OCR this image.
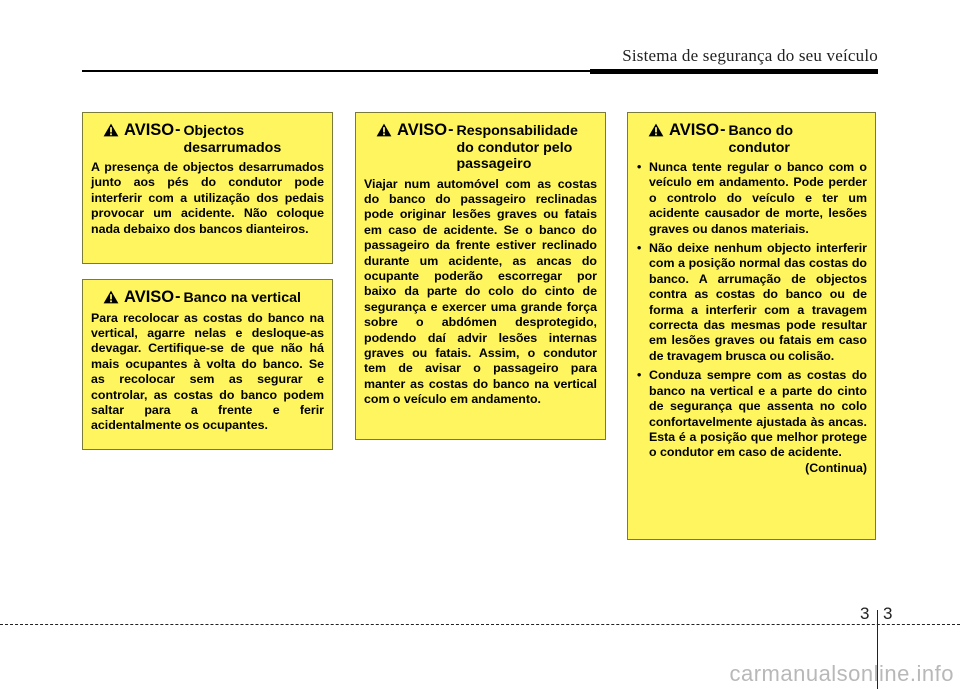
Sistema de segurança do seu veículo
AVISO - Objectos desarrumados
A presença de objectos desarrumados junto aos pés do condutor pode interferir com a utilização dos pedais provocar um acidente. Não coloque nada debaixo dos bancos dianteiros.
AVISO - Banco na vertical
Para recolocar as costas do banco na vertical, agarre nelas e desloque-as devagar. Certifique-se de que não há mais ocupantes à volta do banco. Se as recolocar sem as segurar e controlar, as costas do banco podem saltar para a frente e ferir acidentalmente os ocupantes.
AVISO - Responsabilidade do condutor pelo passageiro
Viajar num automóvel com as costas do banco do passageiro reclinadas pode originar lesões graves ou fatais em caso de acidente. Se o banco do passageiro da frente estiver reclinado durante um acidente, as ancas do ocupante poderão escorregar por baixo da parte do colo do cinto de segurança e exercer uma grande força sobre o abdómen desprotegido, podendo daí advir lesões internas graves ou fatais. Assim, o condutor tem de avisar o passageiro para manter as costas do banco na vertical com o veículo em andamento.
AVISO - Banco do condutor
• Nunca tente regular o banco com o veículo em andamento. Pode perder o controlo do veículo e ter um acidente causador de morte, lesões graves ou danos materiais.
• Não deixe nenhum objecto interferir com a posição normal das costas do banco. A arrumação de objectos contra as costas do banco ou de forma a interferir com a travagem correcta das mesmas pode resultar em lesões graves ou fatais em caso de travagem brusca ou colisão.
• Conduza sempre com as costas do banco na vertical e a parte do cinto de segurança que assenta no colo confortavelmente ajustada às ancas. Esta é a posição que melhor protege o condutor em caso de acidente.
(Continua)
3 3
carmanualsonline.info
